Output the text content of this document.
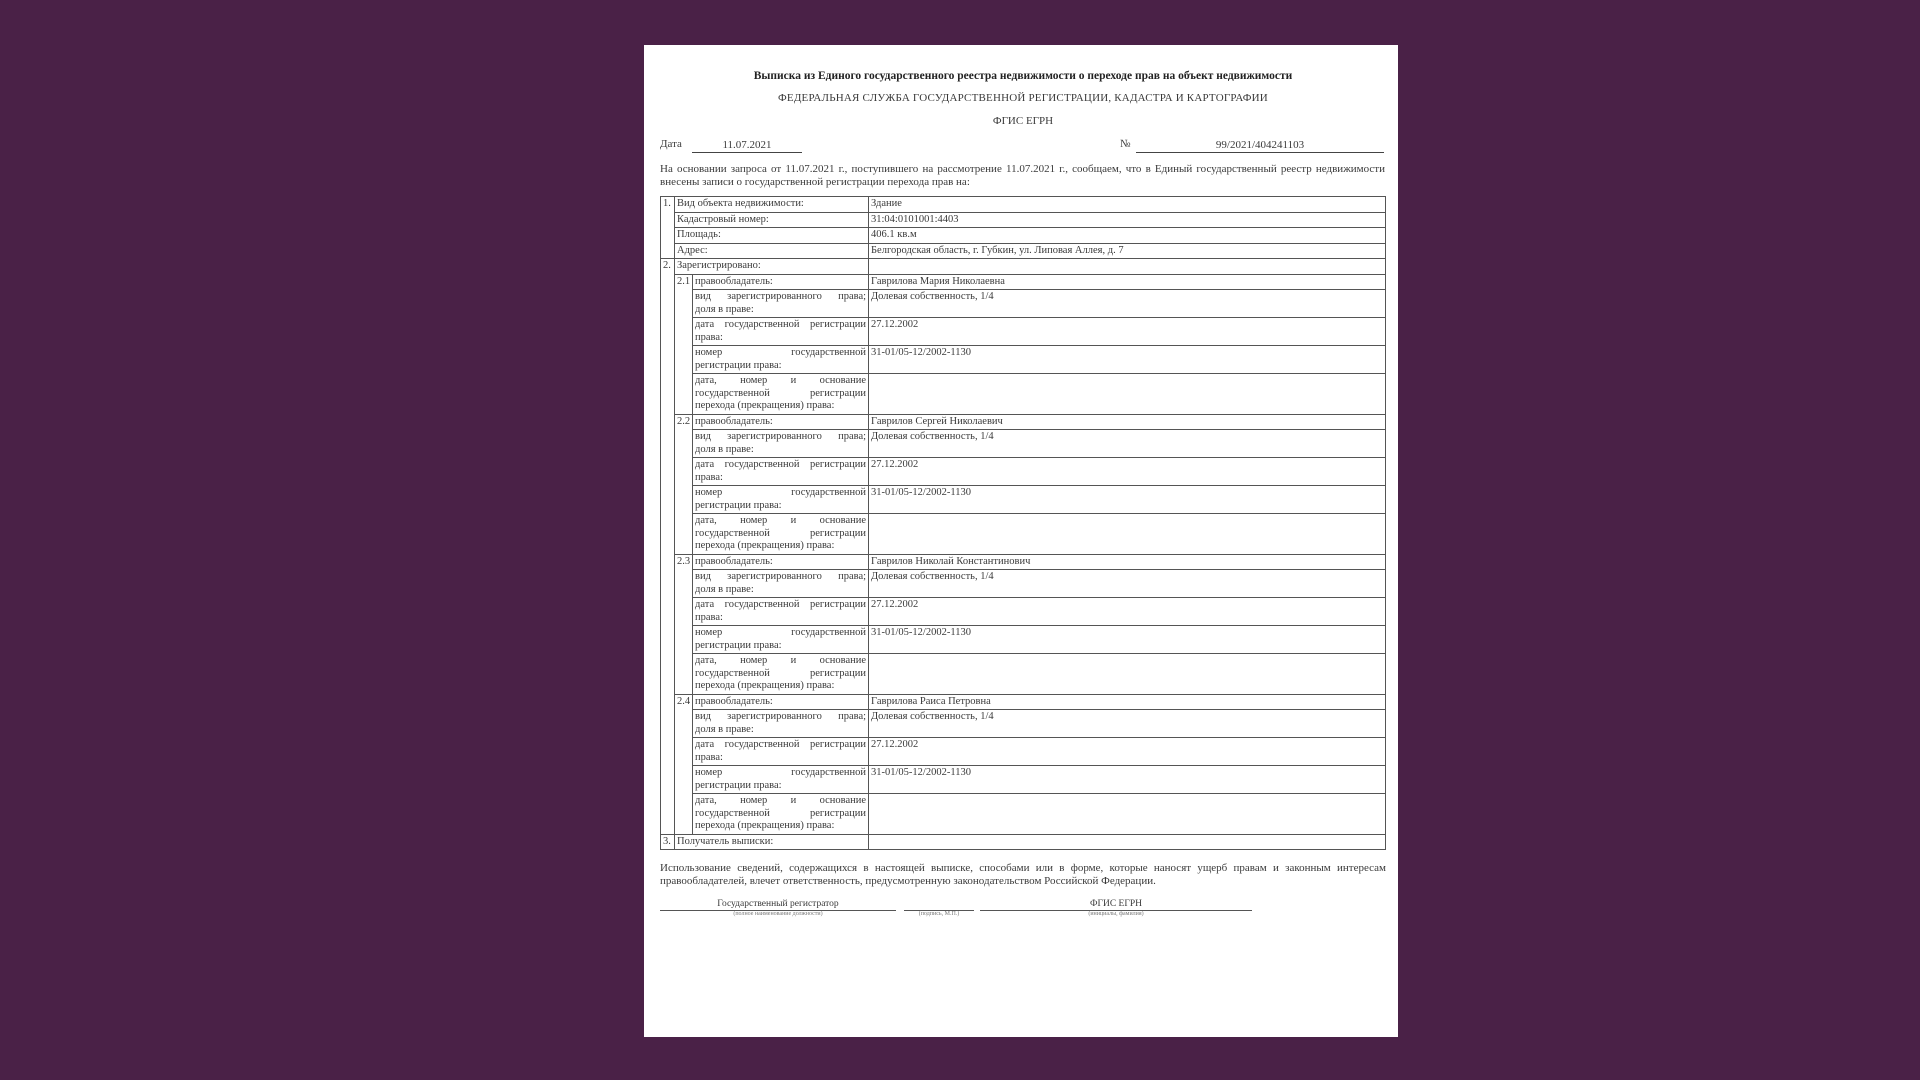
Выписка из Единого государственного реестра недвижимости о переходе прав на объект недвижимости
ФЕДЕРАЛЬНАЯ СЛУЖБА ГОСУДАРСТВЕННОЙ РЕГИСТРАЦИИ, КАДАСТРА И КАРТОГРАФИИ
ФГИС ЕГРН
Дата	11.07.2021	№	99/2021/404241103
На основании запроса от 11.07.2021 г., поступившего на рассмотрение 11.07.2021 г., сообщаем, что в Единый государственный реестр недвижимости внесены записи о государственной регистрации перехода прав на:
1.	Вид объекта недвижимости:		Здание
	Кадастровый номер:		31:04:0101001:4403
	Площадь:		406.1 кв.м
	Адрес:		Белгородская область, г. Губкин, ул. Липовая Аллея, д. 7
2.	Зарегистрировано:		
	2.1	правообладатель:	Гаврилова Мария Николаевна

		вид зарегистрированного права;
доля в праве:	Долевая собственность, 1/4

		дата государственной регистрации
права:	27.12.2002

		номер государственной
регистрации права:	31-01/05-12/2002-1130

		дата, номер и основание
государственной регистрации
перехода (прекращения) права:	
	2.2	правообладатель:	Гаврилов Сергей Николаевич

		вид зарегистрированного права;
доля в праве:	Долевая собственность, 1/4

		дата государственной регистрации
права:	27.12.2002

		номер государственной
регистрации права:	31-01/05-12/2002-1130

		дата, номер и основание
государственной регистрации
перехода (прекращения) права:	
	2.3	правообладатель:	Гаврилов Николай Константинович

		вид зарегистрированного права;
доля в праве:	Долевая собственность, 1/4

		дата государственной регистрации
права:	27.12.2002

		номер государственной
регистрации права:	31-01/05-12/2002-1130

		дата, номер и основание
государственной регистрации
перехода (прекращения) права:	
	2.4	правообладатель:	Гаврилова Раиса Петровна

		вид зарегистрированного права;
доля в праве:	Долевая собственность, 1/4

		дата государственной регистрации
права:	27.12.2002

		номер государственной
регистрации права:	31-01/05-12/2002-1130

		дата, номер и основание
государственной регистрации
перехода (прекращения) права:	
3.	Получатель выписки:		
Использование сведений, содержащихся в настоящей выписке, способами или в форме, которые наносят ущерб правам и законным интересам правообладателей, влечет ответственность, предусмотренную законодательством Российской Федерации.
Государственный регистратор
(полное наименование должности)	(подпись, М.П.)
ФГИС ЕГРН
(инициалы, фамилия)
